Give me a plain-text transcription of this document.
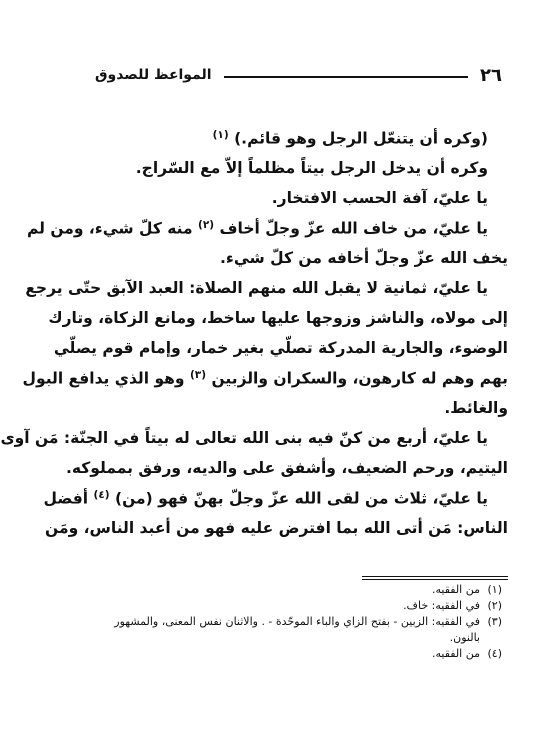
٢٦
المواعظ للصدوق
(وكره أن يتنعّل الرجل وهو قائم.) $^{(١)}$
وكره أن يدخل الرجل بيتاً مظلماً إلاّ مع السّراج.
يا عليّ، آفة الحسب الافتخار.
يا عليّ، من خاف الله عزّ وجلّ أخاف $^{(٢)}$ منه كلّ شيء، ومن لم
يخف الله عزّ وجلّ أخافه من كلّ شيء.
يا عليّ، ثمانية لا يقبل الله منهم الصلاة: العبد الآبق حتّى يرجع
إلى مولاه، والناشز وزوجها عليها ساخط، ومانع الزكاة، وتارك
الوضوء، والجارية المدركة تصلّي بغير خمار، وإمام قوم يصلّي
بهم وهم له كارهون، والسكران والزبين $^{(٣)}$ وهو الذي يدافع البول
والغائط.
يا عليّ، أربع من كنّ فيه بنى الله تعالى له بيتاً في الجنّة: مَن آوى
اليتيم، ورحم الضعيف، وأشفق على والديه، ورفق بمملوكه.
يا عليّ، ثلاث من لقى الله عزّ وجلّ بهنّ فهو (من) $^{(٤)}$ أفضل
الناس: مَن أتى الله بما افترض عليه فهو من أعبد الناس، ومَن
(١)
من الفقيه.
(٢)
في الفقيه: خاف.
(٣)
في الفقيه: الزبين - بفتح الزاي والباء الموحّدة - . والاثنان نفس المعنى، والمشهور بالنون.
(٤)
من الفقيه.
